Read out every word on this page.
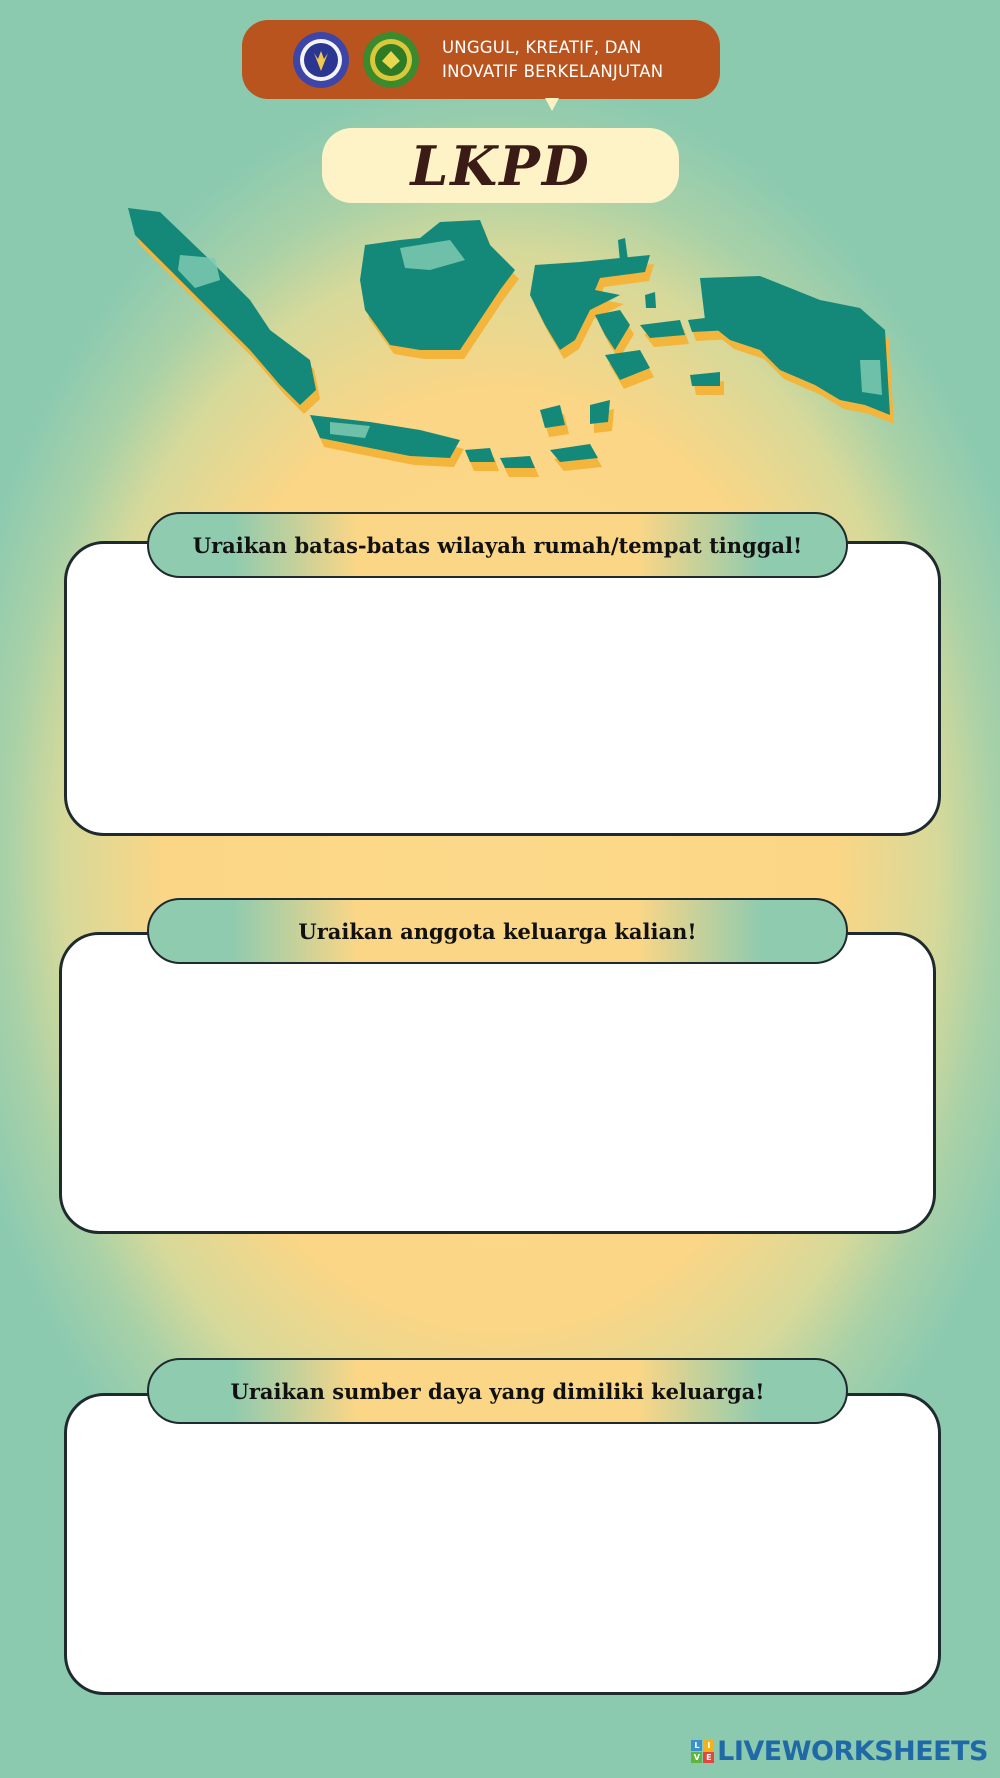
UNGGUL, KREATIF, DAN
INOVATIF BERKELANJUTAN
LKPD
Uraikan batas-batas wilayah rumah/tempat tinggal!
Uraikan anggota keluarga kalian!
Uraikan sumber daya yang dimiliki keluarga!
L	I
V E LIVEWORKSHEETS
